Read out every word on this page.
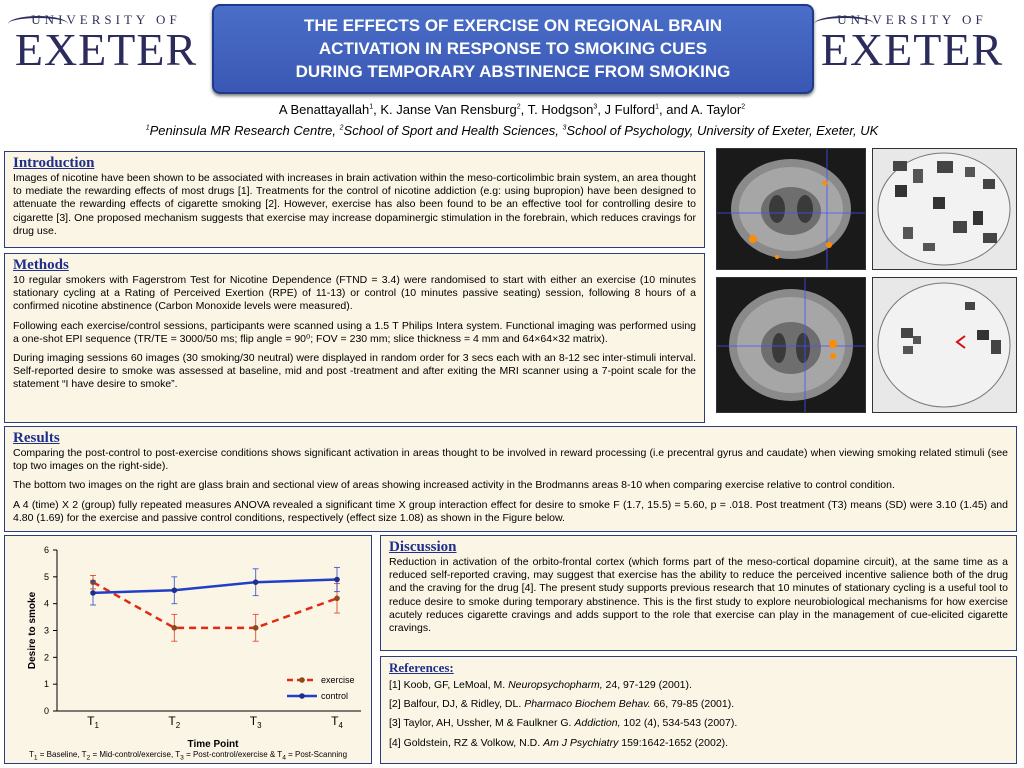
UNIVERSITY OF
EXETER
UNIVERSITY OF
EXETER
THE EFFECTS OF EXERCISE ON REGIONAL BRAIN
ACTIVATION IN RESPONSE TO SMOKING CUES
DURING TEMPORARY ABSTINENCE FROM SMOKING
A Benattayallah$^1$, K. Janse Van Rensburg$^2$, T. Hodgson$^3$, J Fulford$^1$, and A. Taylor$^2$
$^1$Peninsula MR Research Centre, $^2$School of Sport and Health Sciences, $^3$School of Psychology, University of Exeter, Exeter, UK
Introduction

Images of nicotine have been shown to be associated with increases in brain activation within the meso-corticolimbic brain system, an area thought to mediate the rewarding effects of most drugs [1]. Treatments for the control of nicotine addiction (e.g: using bupropion) have been designed to attenuate the rewarding effects of cigarette smoking [2]. However, exercise has also been found to be an effective tool for controlling desire to cigarette [3]. One proposed mechanism suggests that exercise may increase dopaminergic stimulation in the forebrain, which reduces cravings for drug use.

Methods

10 regular smokers with Fagerstrom Test for Nicotine Dependence (FTND = 3.4) were randomised to start with either an exercise (10 minutes stationary cycling at a Rating of Perceived Exertion (RPE) of 11-13) or control (10 minutes passive seating) session, following 8 hours of a confirmed nicotine abstinence (Carbon Monoxide levels were measured).

Following each exercise/control sessions, participants were scanned using a 1.5 T Philips Intera system. Functional imaging was performed using a one-shot EPI sequence (TR/TE = 3000/50 ms; flip angle = 90⁰; FOV = 230 mm; slice thickness = 4 mm and 64×64×32 matrix).

During imaging sessions 60 images (30 smoking/30 neutral) were displayed in random order for 3 secs each with an 8-12 sec inter-stimuli interval. Self-reported desire to smoke was assessed at baseline, mid and post -treatment and after exiting the MRI scanner using a 7-point scale for the statement “I have desire to smoke”.

Results

Comparing the post-control to post-exercise conditions shows significant activation in areas thought to be involved in reward processing (i.e precentral gyrus and caudate) when viewing smoking related stimuli (see top two images on the right-side).

The bottom two images on the right are glass brain and sectional view of areas showing increased activity in the Brodmanns areas 8-10 when comparing exercise relative to control condition.

A 4 (time) X 2 (group) fully repeated measures ANOVA revealed a significant time X group interaction effect for desire to smoke F (1.7, 15.5) = 5.60, p = .018. Post treatment (T3) means (SD) were 3.10 (1.45) and 4.80 (1.69) for the exercise and passive control conditions, respectively (effect size 1.08) as shown in the Figure below.

0
1
2
3
4
5
6
$T_1$	$T_2$	$T_3$	$T_4$
Time Point
Desire to smoke
exercise
control
$T_1$ = Baseline, $T_2$ = Mid-control/exercise, $T_3$ = Post-control/exercise & $T_4$ = Post-Scanning
Discussion

Reduction in activation of the orbito-frontal cortex (which forms part of the meso-cortical dopamine circuit), at the same time as a reduced self-reported craving, may suggest that exercise has the ability to reduce the perceived incentive salience both of the drug and the craving for the drug [4]. The present study supports previous research that 10 minutes of stationary cycling is a useful tool to reduce desire to smoke during temporary abstinence. This is the first study to explore neurobiological mechanisms for how exercise acutely reduces cigarette cravings and adds support to the role that exercise can play in the management of cue-elicited cigarette cravings.

References:

[1] Koob, GF, LeMoal, M. Neuropsychopharm, 24, 97-129 (2001).

[2] Balfour, DJ, & Ridley, DL. Pharmaco Biochem Behav. 66, 79-85 (2001).

[3] Taylor, AH, Ussher, M & Faulkner G. Addiction, 102 (4), 534-543 (2007).

[4] Goldstein, RZ & Volkow, N.D. Am J Psychiatry 159:1642-1652 (2002).
